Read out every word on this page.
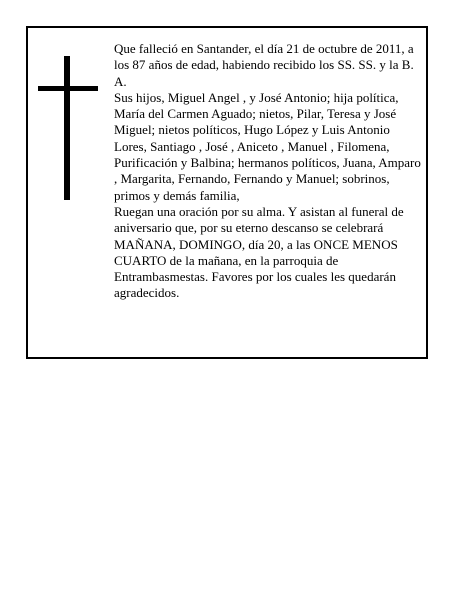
Que falleció en Santander, el día 21 de octubre de 2011, a los 87 años de edad, habiendo recibido los SS. SS. y la B. A.

Sus hijos, Miguel Angel , y José Antonio; hija política, María del Carmen Aguado; nietos, Pilar, Teresa y José Miguel; nietos políticos, Hugo López y Luis Antonio Lores, Santiago , José , Aniceto , Manuel , Filomena, Purificación y Balbina; hermanos políticos, Juana, Amparo , Margarita, Fernando, Fernando y Manuel; sobrinos, primos y demás familia,

Ruegan una oración por su alma. Y asistan al funeral de aniversario que, por su eterno descanso se celebrará MAÑANA, DOMINGO, día 20, a las ONCE MENOS CUARTO de la mañana, en la parroquia de Entrambasmestas. Favores por los cuales les quedarán agradecidos.
